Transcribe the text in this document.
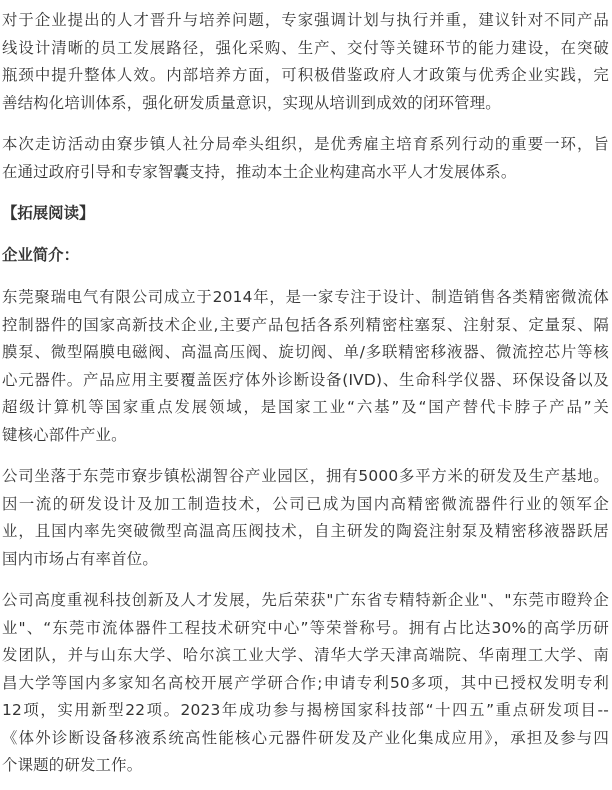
对于企业提出的人才晋升与培养问题，专家强调计划与执行并重，建议针对不同产品
线设计清晰的员工发展路径，强化采购、生产、交付等关键环节的能力建设，在突破
瓶颈中提升整体人效。内部培养方面，可积极借鉴政府人才政策与优秀企业实践，完
善结构化培训体系，强化研发质量意识，实现从培训到成效的闭环管理。

本次走访活动由寮步镇人社分局牵头组织，是优秀雇主培育系列行动的重要一环，旨
在通过政府引导和专家智囊支持，推动本土企业构建高水平人才发展体系。

【拓展阅读】

企业简介：

东莞聚瑞电气有限公司成立于2014年，是一家专注于设计、制造销售各类精密微流体
控制器件的国家高新技术企业,主要产品包括各系列精密柱塞泵、注射泵、定量泵、隔
膜泵、微型隔膜电磁阀、高温高压阀、旋切阀、单/多联精密移液器、微流控芯片等核
心元器件。产品应用主要覆盖医疗体外诊断设备(IVD)、生命科学仪器、环保设备以及
超级计算机等国家重点发展领域，是国家工业“六基”及“国产替代卡脖子产品”关
键核心部件产业。

公司坐落于东莞市寮步镇松湖智谷产业园区，拥有5000多平方米的研发及生产基地。
因一流的研发设计及加工制造技术，公司已成为国内高精密微流器件行业的领军企
业，且国内率先突破微型高温高压阀技术，自主研发的陶瓷注射泵及精密移液器跃居
国内市场占有率首位。

公司高度重视科技创新及人才发展，先后荣获"广东省专精特新企业"、"东莞市瞪羚企
业"、“东莞市流体器件工程技术研究中心”等荣誉称号。拥有占比达30%的高学历研
发团队，并与山东大学、哈尔滨工业大学、清华大学天津高端院、华南理工大学、南
昌大学等国内多家知名高校开展产学研合作;申请专利50多项，其中已授权发明专利
12项，实用新型22项。2023年成功参与揭榜国家科技部“十四五”重点研发项目--
《体外诊断设备移液系统高性能核心元器件研发及产业化集成应用》，承担及参与四
个课题的研发工作。
